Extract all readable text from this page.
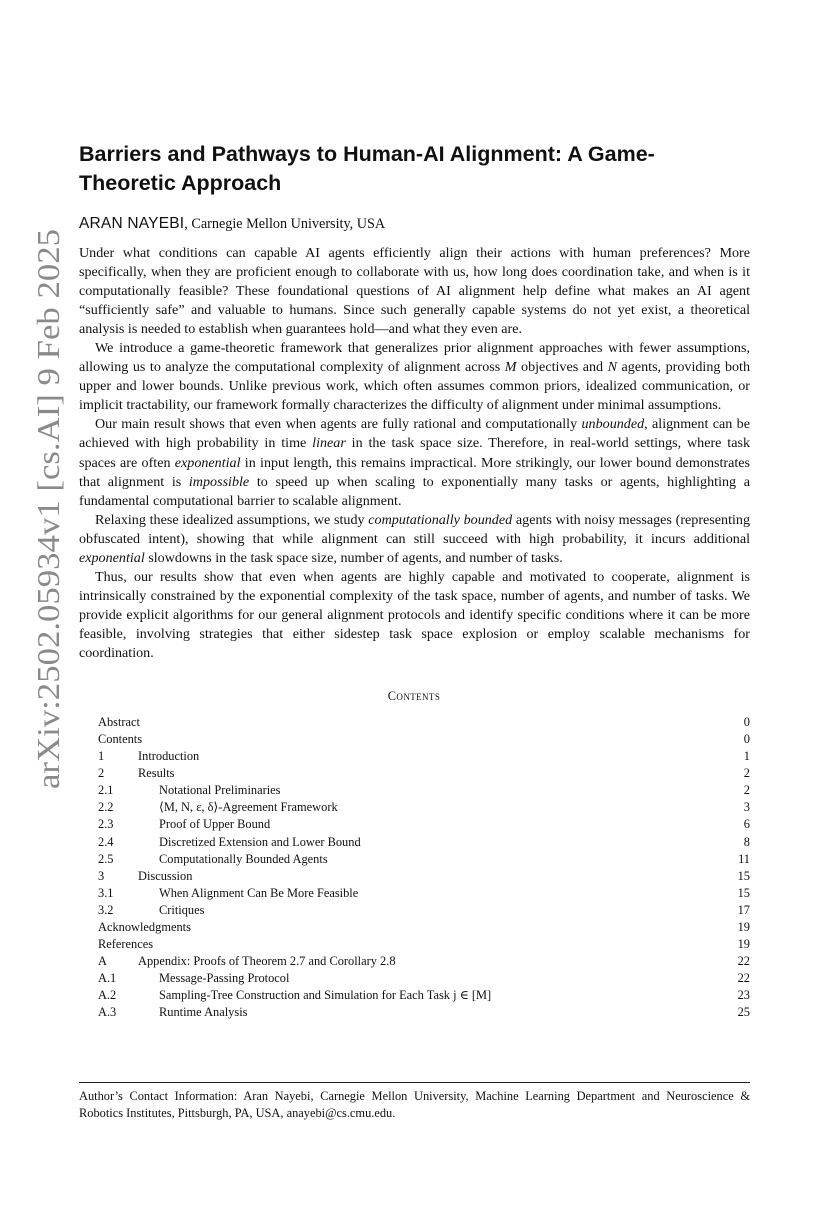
arXiv:2502.05934v1 [cs.AI] 9 Feb 2025
Barriers and Pathways to Human-AI Alignment: A Game-Theoretic Approach
ARAN NAYEBI, Carnegie Mellon University, USA

Under what conditions can capable AI agents efficiently align their actions with human preferences? More specifically, when they are proficient enough to collaborate with us, how long does coordination take, and when is it computationally feasible? These foundational questions of AI alignment help define what makes an AI agent “sufficiently safe” and valuable to humans. Since such generally capable systems do not yet exist, a theoretical analysis is needed to establish when guarantees hold—and what they even are.

We introduce a game-theoretic framework that generalizes prior alignment approaches with fewer assumptions, allowing us to analyze the computational complexity of alignment across M objectives and N agents, providing both upper and lower bounds. Unlike previous work, which often assumes common priors, idealized communication, or implicit tractability, our framework formally characterizes the difficulty of alignment under minimal assumptions.

Our main result shows that even when agents are fully rational and computationally unbounded, alignment can be achieved with high probability in time linear in the task space size. Therefore, in real-world settings, where task spaces are often exponential in input length, this remains impractical. More strikingly, our lower bound demonstrates that alignment is impossible to speed up when scaling to exponentially many tasks or agents, highlighting a fundamental computational barrier to scalable alignment.

Relaxing these idealized assumptions, we study computationally bounded agents with noisy messages (representing obfuscated intent), showing that while alignment can still succeed with high probability, it incurs additional exponential slowdowns in the task space size, number of agents, and number of tasks.

Thus, our results show that even when agents are highly capable and motivated to cooperate, alignment is intrinsically constrained by the exponential complexity of the task space, number of agents, and number of tasks. We provide explicit algorithms for our general alignment protocols and identify specific conditions where it can be more feasible, involving strategies that either sidestep task space explosion or employ scalable mechanisms for coordination.

Contents
Abstract	0
Contents	0
1	Introduction	1
2	Results	2
2.1	Notational Preliminaries	2
2.2	⟨M, N, ε, δ⟩-Agreement Framework	3
2.3	Proof of Upper Bound	6
2.4	Discretized Extension and Lower Bound	8
2.5	Computationally Bounded Agents	11
3	Discussion	15
3.1	When Alignment Can Be More Feasible	15
3.2	Critiques	17
Acknowledgments	19
References	19
A	Appendix: Proofs of Theorem 2.7 and Corollary 2.8	22
A.1	Message-Passing Protocol	22
A.2	Sampling-Tree Construction and Simulation for Each Task j ∈ [M]	23
A.3	Runtime Analysis	25
Author’s Contact Information: Aran Nayebi, Carnegie Mellon University, Machine Learning Department and Neuroscience & Robotics Institutes, Pittsburgh, PA, USA, anayebi@cs.cmu.edu.
